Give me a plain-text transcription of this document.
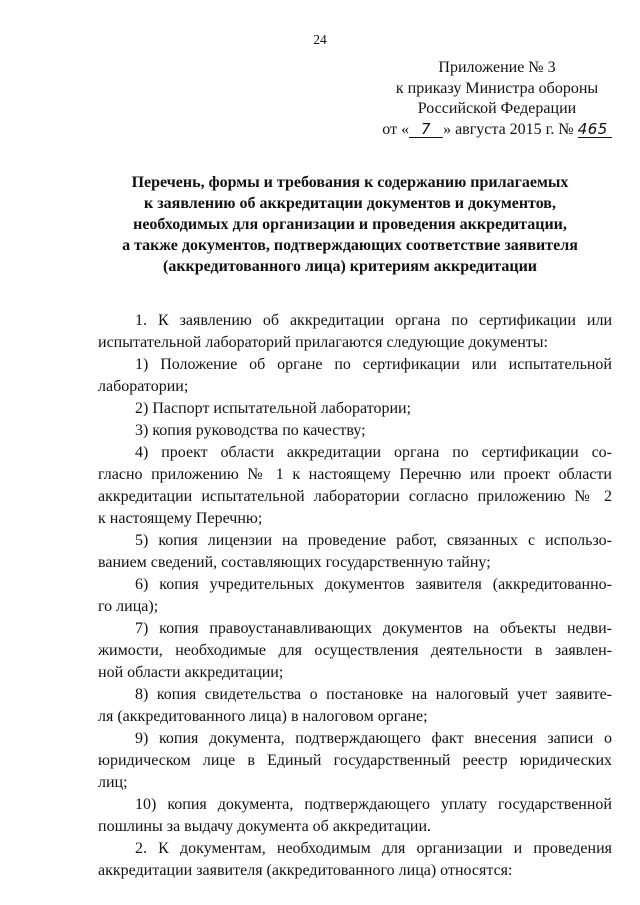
24
Приложение № 3
к приказу Министра обороны
Российской Федерации
от « 7 » августа 2015 г. № 465
Перечень, формы и требования к содержанию прилагаемых
к заявлению об аккредитации документов и документов,
необходимых для организации и проведения аккредитации,
а также документов, подтверждающих соответствие заявителя
(аккредитованного лица) критериям аккредитации
1. К заявлению об аккредитации органа по сертификации или
испытательной лабораторий прилагаются следующие документы:
1) Положение об органе по сертификации или испытательной
лаборатории;
2) Паспорт испытательной лаборатории;
3) копия руководства по качеству;
4) проект области аккредитации органа по сертификации со-
гласно приложению № 1 к настоящему Перечню или проект области
аккредитации испытательной лаборатории согласно приложению № 2
к настоящему Перечню;
5) копия лицензии на проведение работ, связанных с использо-
ванием сведений, составляющих государственную тайну;
6) копия учредительных документов заявителя (аккредитованно-
го лица);
7) копия правоустанавливающих документов на объекты недви-
жимости, необходимые для осуществления деятельности в заявлен-
ной области аккредитации;
8) копия свидетельства о постановке на налоговый учет заявите-
ля (аккредитованного лица) в налоговом органе;
9) копия документа, подтверждающего факт внесения записи о
юридическом лице в Единый государственный реестр юридических
лиц;
10) копия документа, подтверждающего уплату государственной
пошлины за выдачу документа об аккредитации.
2. К документам, необходимым для организации и проведения
аккредитации заявителя (аккредитованного лица) относятся:
